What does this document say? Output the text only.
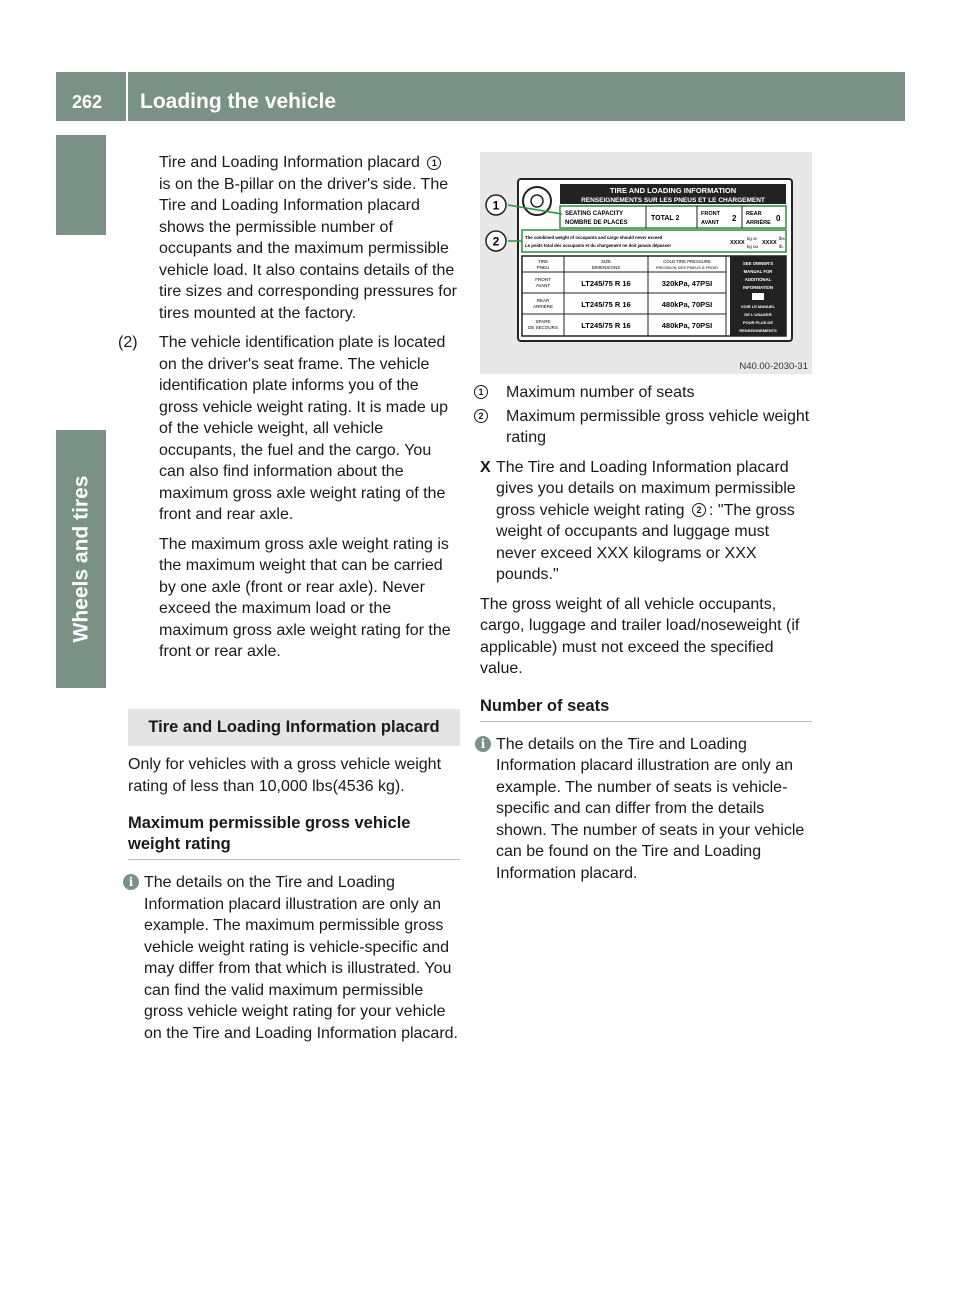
262 Loading the vehicle
Wheels and tires

Tire and Loading Information placard 1 is on the B-pillar on the driver's side. The Tire and Loading Information placard shows the permissible number of occupants and the maximum permissible vehicle load. It also contains details of the tire sizes and corresponding pressures for tires mounted at the factory.

(2) The vehicle identification plate is located on the driver's seat frame. The vehicle identification plate informs you of the gross vehicle weight rating. It is made up of the vehicle weight, all vehicle occupants, the fuel and the cargo. You can also find information about the maximum gross axle weight rating of the front and rear axle.

The maximum gross axle weight rating is the maximum weight that can be carried by one axle (front or rear axle). Never exceed the maximum load or the maximum gross axle weight rating for the front or rear axle.

Tire and Loading Information placard

Only for vehicles with a gross vehicle weight rating of less than 10,000 lbs(4536 kg).

Maximum permissible gross vehicle weight rating

i The details on the Tire and Loading Information placard illustration are only an example. The maximum permissible gross vehicle weight rating is vehicle-specific and may differ from that which is illustrated. You can find the valid maximum permissible gross vehicle weight rating for your vehicle on the Tire and Loading Information placard.

TIRE AND LOADING INFORMATION
RENSEIGNEMENTS SUR LES PNEUS ET LE CHARGEMENT
SEATING CAPACITY
NOMBRE DE PLACES
TOTAL 2
FRONT
AVANT 2 REAR
ARRIÈRE 0
The combined weight of occupants and cargo should never exceed
Le poids total des occupants et du chargement ne doit jamais dépasser	XXXX
kg or
kg ou
XXXX
lbs
lb.
TIRE
PNEU
SIZE
DIMENSIONS
COLD TIRE PRESSURE
PRESSION DES PNEUS À FROID
FRONT
AVANT
REAR
ARRIÈRE
SPARE
DE SECOURS
LT245/75 R 16
LT245/75 R 16
LT245/75 R 16
320kPa, 47PSI
480kPa, 70PSI
480kPa, 70PSI
SEE OWNER'S
MANUAL FOR
ADDITIONAL
INFORMATION
VOIR LE MANUEL
DE L'USAGER
POUR PLUS DE
RENSEIGNEMENTS
1
2
N40.00-2030-31

1 Maximum number of seats

2 Maximum permissible gross vehicle weight rating

X The Tire and Loading Information placard gives you details on maximum permissible gross vehicle weight rating 2 : "The gross weight of occupants and luggage must never exceed XXX kilograms or XXX pounds."

The gross weight of all vehicle occupants, cargo, luggage and trailer load/noseweight (if applicable) must not exceed the specified value.

Number of seats

i The details on the Tire and Loading Information placard illustration are only an example. The number of seats is vehicle-specific and can differ from the details shown. The number of seats in your vehicle can be found on the Tire and Loading Information placard.
